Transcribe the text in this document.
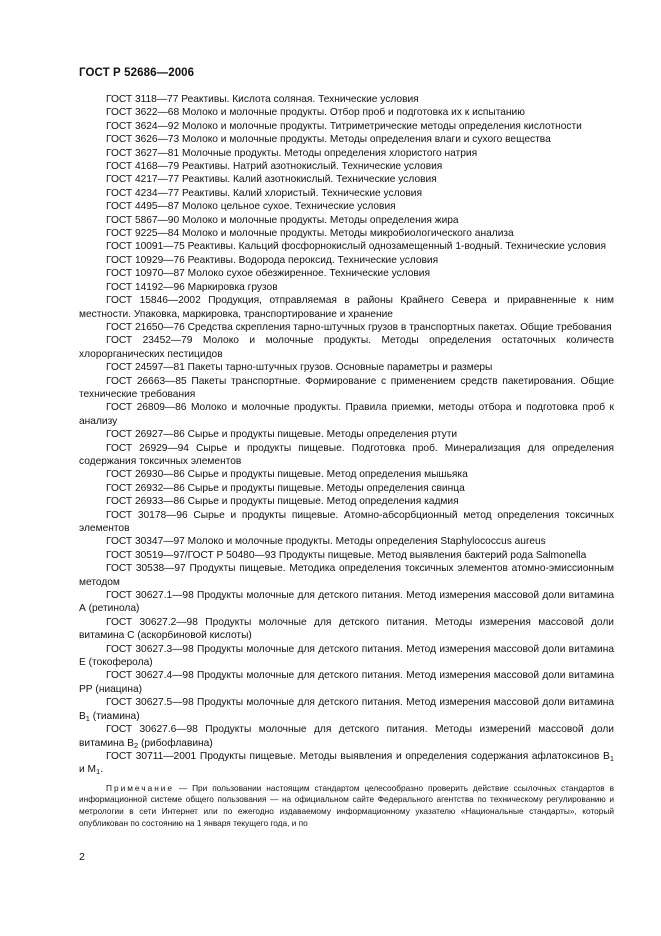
ГОСТ Р 52686—2006

ГОСТ 3118—77 Реактивы. Кислота соляная. Технические условия

ГОСТ 3622—68 Молоко и молочные продукты. Отбор проб и подготовка их к испытанию

ГОСТ 3624—92 Молоко и молочные продукты. Титриметрические методы определения кислотности

ГОСТ 3626—73 Молоко и молочные продукты. Методы определения влаги и сухого вещества

ГОСТ 3627—81 Молочные продукты. Методы определения хлористого натрия

ГОСТ 4168—79 Реактивы. Натрий азотнокислый. Технические условия

ГОСТ 4217—77 Реактивы. Калий азотнокислый. Технические условия

ГОСТ 4234—77 Реактивы. Калий хлористый. Технические условия

ГОСТ 4495—87 Молоко цельное сухое. Технические условия

ГОСТ 5867—90 Молоко и молочные продукты. Методы определения жира

ГОСТ 9225—84 Молоко и молочные продукты. Методы микробиологического анализа

ГОСТ 10091—75 Реактивы. Кальций фосфорнокислый однозамещенный 1-водный. Технические условия

ГОСТ 10929—76 Реактивы. Водорода пероксид. Технические условия

ГОСТ 10970—87 Молоко сухое обезжиренное. Технические условия

ГОСТ 14192—96 Маркировка грузов

ГОСТ 15846—2002 Продукция, отправляемая в районы Крайнего Севера и приравненные к ним местности. Упаковка, маркировка, транспортирование и хранение

ГОСТ 21650—76 Средства скрепления тарно-штучных грузов в транспортных пакетах. Общие требования

ГОСТ 23452—79 Молоко и молочные продукты. Методы определения остаточных количеств хлорорганических пестицидов

ГОСТ 24597—81 Пакеты тарно-штучных грузов. Основные параметры и размеры

ГОСТ 26663—85 Пакеты транспортные. Формирование с применением средств пакетирования. Общие технические требования

ГОСТ 26809—86 Молоко и молочные продукты. Правила приемки, методы отбора и подготовка проб к анализу

ГОСТ 26927—86 Сырье и продукты пищевые. Методы определения ртути

ГОСТ 26929—94 Сырье и продукты пищевые. Подготовка проб. Минерализация для определения содержания токсичных элементов

ГОСТ 26930—86 Сырье и продукты пищевые. Метод определения мышьяка

ГОСТ 26932—86 Сырье и продукты пищевые. Методы определения свинца

ГОСТ 26933—86 Сырье и продукты пищевые. Метод определения кадмия

ГОСТ 30178—96 Сырье и продукты пищевые. Атомно-абсорбционный метод определения токсичных элементов

ГОСТ 30347—97 Молоко и молочные продукты. Методы определения Staphylococcus aureus

ГОСТ 30519—97/ГОСТ Р 50480—93 Продукты пищевые. Метод выявления бактерий рода Salmonella

ГОСТ 30538—97 Продукты пищевые. Методика определения токсичных элементов атомно-эмиссионным методом

ГОСТ 30627.1—98 Продукты молочные для детского питания. Метод измерения массовой доли витамина А (ретинола)

ГОСТ 30627.2—98 Продукты молочные для детского питания. Методы измерения массовой доли витамина С (аскорбиновой кислоты)

ГОСТ 30627.3—98 Продукты молочные для детского питания. Метод измерения массовой доли витамина Е (токоферола)

ГОСТ 30627.4—98 Продукты молочные для детского питания. Метод измерения массовой доли витамина РР (ниацина)

ГОСТ 30627.5—98 Продукты молочные для детского питания. Метод измерения массовой доли витамина $В_1$ (тиамина)

ГОСТ 30627.6—98 Продукты молочные для детского питания. Методы измерений массовой доли витамина $В_2$ (рибофлавина)

ГОСТ 30711—2001 Продукты пищевые. Методы выявления и определения содержания афлатоксинов $В_1$ и $М_1$.

Примечание — При пользовании настоящим стандартом целесообразно проверить действие ссылочных стандартов в информационной системе общего пользования — на официальном сайте Федерального агентства по техническому регулированию и метрологии в сети Интернет или по ежегодно издаваемому информационному указателю «Национальные стандарты», который опубликован по состоянию на 1 января текущего года, и по

2
